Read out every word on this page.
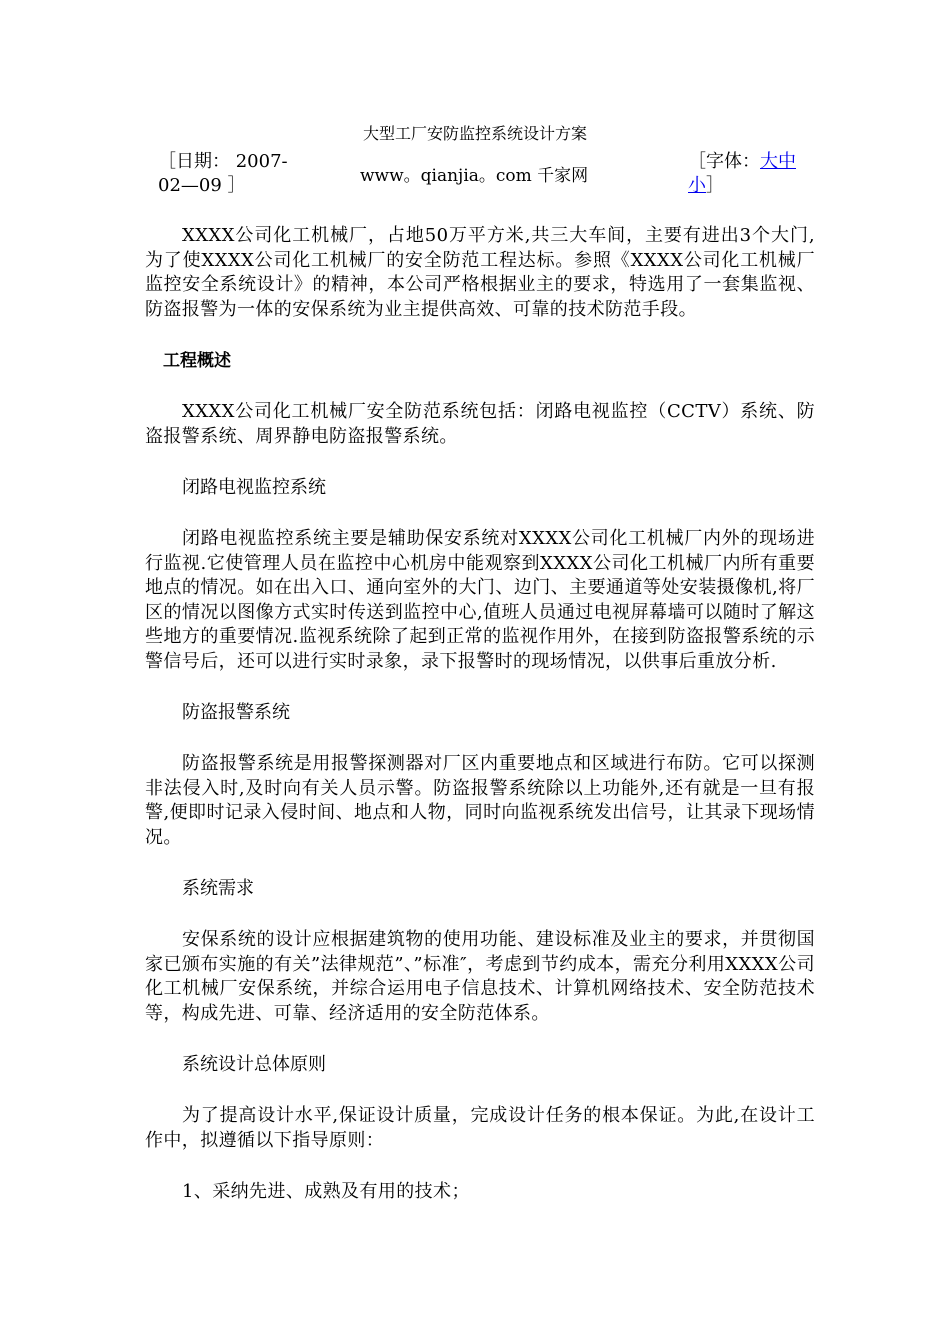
大型工厂安防监控系统设计方案
［日期： 2007-02—09 ］	www。qianjia。com 千家网
［字体：大中
小］

XXXX公司化工机械厂，占地50万平方米,共三大车间，主要有进出3个大门,为了使XXXX公司化工机械厂的安全防范工程达标。参照《XXXX公司化工机械厂监控安全系统设计》的精神，本公司严格根据业主的要求，特选用了一套集监视、防盗报警为一体的安保系统为业主提供高效、可靠的技术防范手段。

工程概述

XXXX公司化工机械厂安全防范系统包括：闭路电视监控（CCTV）系统、防盗报警系统、周界静电防盗报警系统。

闭路电视监控系统

闭路电视监控系统主要是辅助保安系统对XXXX公司化工机械厂内外的现场进行监视.它使管理人员在监控中心机房中能观察到XXXX公司化工机械厂内所有重要地点的情况。如在出入口、通向室外的大门、边门、主要通道等处安装摄像机,将厂区的情况以图像方式实时传送到监控中心,值班人员通过电视屏幕墙可以随时了解这些地方的重要情况.监视系统除了起到正常的监视作用外，在接到防盗报警系统的示警信号后，还可以进行实时录象，录下报警时的现场情况，以供事后重放分析.

防盗报警系统

防盗报警系统是用报警探测器对厂区内重要地点和区域进行布防。它可以探测非法侵入时,及时向有关人员示警。防盗报警系统除以上功能外,还有就是一旦有报警,便即时记录入侵时间、地点和人物，同时向监视系统发出信号，让其录下现场情况。

系统需求

安保系统的设计应根据建筑物的使用功能、建设标准及业主的要求，并贯彻国家已颁布实施的有关”法律规范”、”标准″，考虑到节约成本，需充分利用XXXX公司化工机械厂安保系统，并综合运用电子信息技术、计算机网络技术、安全防范技术等，构成先进、可靠、经济适用的安全防范体系。

系统设计总体原则

为了提高设计水平,保证设计质量，完成设计任务的根本保证。为此,在设计工作中，拟遵循以下指导原则：

1、采纳先进、成熟及有用的技术；
